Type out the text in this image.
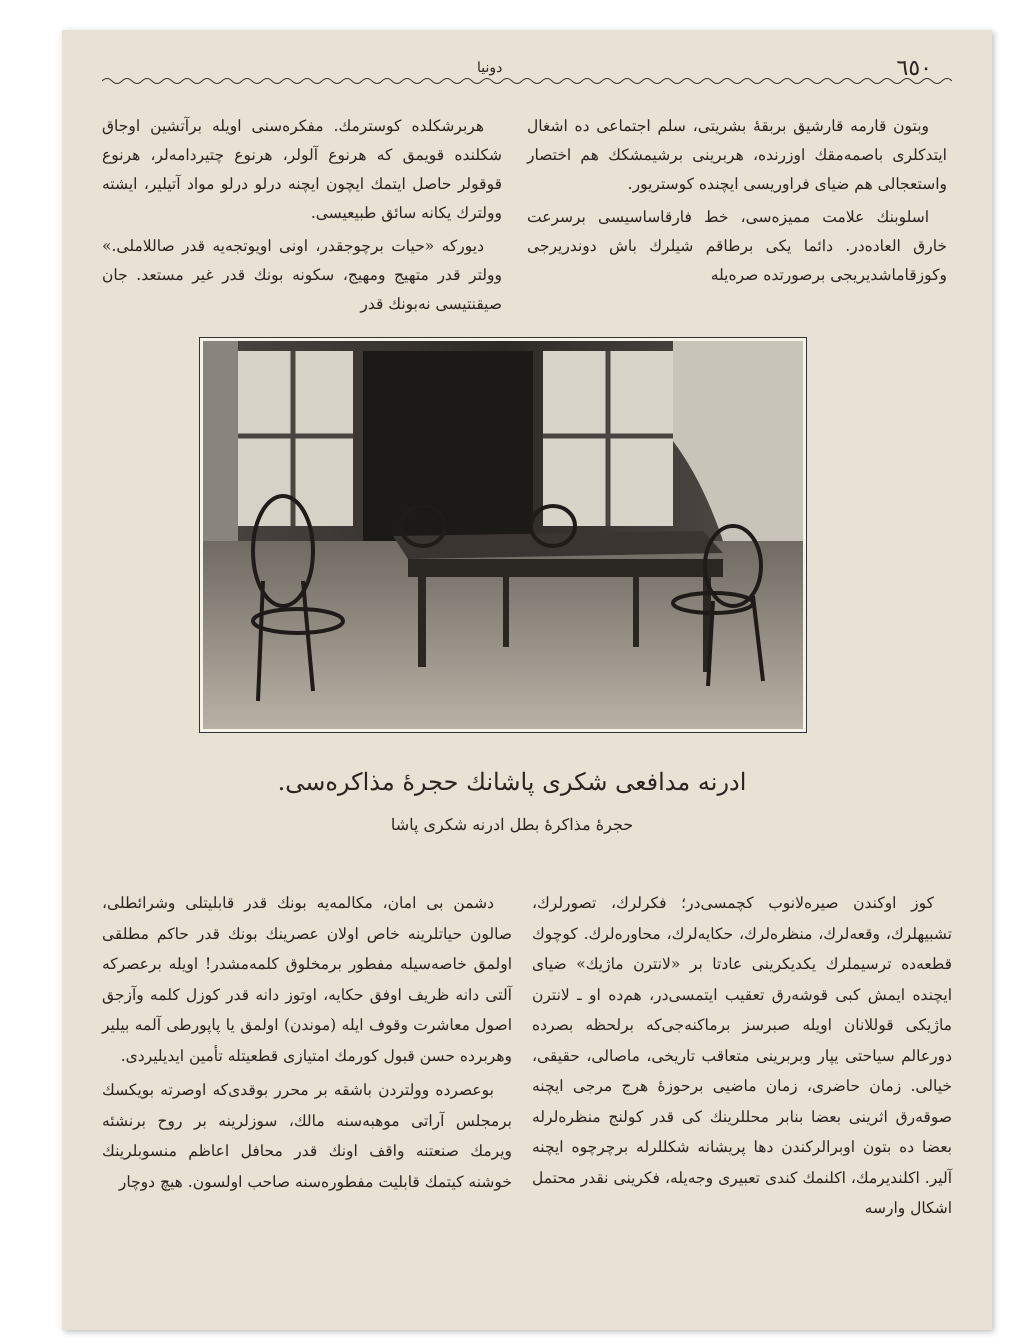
٦٥٠
دونيا

وبتون قارمه قارشيق بربقهٔ بشريتی، سلم اجتماعی ده اشغال ايتدكلری باصمه‌مقك اوزرنده، هربرينی برشيمشكك هم اختصار واستعجالی هم ضيای فراوريسی ايچنده كوستريور.

اسلوبنك علامت مميزه‌سی، خط فارقاساسيسی برسرعت خارق العاده‌در. دائما يكی برطاقم شيلرك باش دوندريرجی وكوزقاماشديريجی برصورتده صره‌يله

هربرشكلده كوسترمك. مفكره‌سنی اويله برآتشين اوجاق شكلنده قويمق كه هرنوع آلولر، هرنوع چتيردامه‌لر، هرنوع قوقولر حاصل ايتمك ايچون ايچنه درلو درلو مواد آتيلير، ايشته وولترك يكانه سائق طبيعيسی.

ديورکه «حيات برچوجقدر، اونی اويوتجه‌يه قدر صاللاملی.» وولتر قدر متهيج ومهيج، سكونه بونك قدر غير مستعد. جان صيقنتيسی نه‌بونك قدر

ادرنه مدافعی شكری پاشانك حجرهٔ مذاكره‌سی.
حجرهٔ مذاكرهٔ بطل ادرنه شكری پاشا

كوز اوكندن صيره‌لانوب كچمسی‌در؛ فكرلرك، تصورلرك، تشبيهلرك، وقعه‌لرك، منظره‌لرك، حكايه‌لرك، محاوره‌لرك. كوچوك قطعه‌ده ترسيملرك يكديكرينی عادتا بر «لانترن ماژيك» ضيای ايچنده ايمش كبی قوشه‌رق تعقيب ايتمسی‌در، هم‌ده او ـ لانترن ماژيكی قوللانان اويله صبرسز برماكنه‌جی‌كه برلحظه بصرده دورعالم سياحتی يپار وبربرينی متعاقب تاريخی، ماصالی، حقيقی، خيالی. زمان حاضری، زمان ماضيی برحوزهٔ هرج مرجی ايچنه صوقه‌رق اثرينی بعضا بنابر محللرينك كی قدر كولنج منظره‌لرله بعضا ده بتون اوبرالركندن دها پريشانه شكللرله برچرچوه ايچنه آلير. اكلنديرمك، اكلنمك كندی تعبيری وجه‌يله، فكرينی نقدر محتمل اشكال وارسه

دشمن بی امان، مكالمه‌يه بونك قدر قابليتلی وشرائطلی، صالون حياتلرينه خاص اولان عصرينك بونك قدر حاكم مطلقی اولمق خاصه‌سيله مفطور برمخلوق كلمه‌مشدر! اويله برعصركه آلتی دانه ظريف اوفق حكايه، اوتوز دانه قدر كوزل كلمه وآزجق اصول معاشرت وقوف ايله (موندن) اولمق يا پاپورطی آلمه بيلير وهربرده حسن قبول كورمك امتيازی قطعيتله تأمين ايديليردی.

بوعصرده وولتردن باشقه بر محرر بوقدی‌كه اوصرته بويكسك برمجلس آراتی موهبه‌سنه مالك، سوزلرينه بر روح برنشئه ويرمك صنعتنه واقف اونك قدر محافل اعاظم منسوبلرينك خوشنه كيتمك قابليت مفطوره‌سنه صاحب اولسون. هيچ دوچار
